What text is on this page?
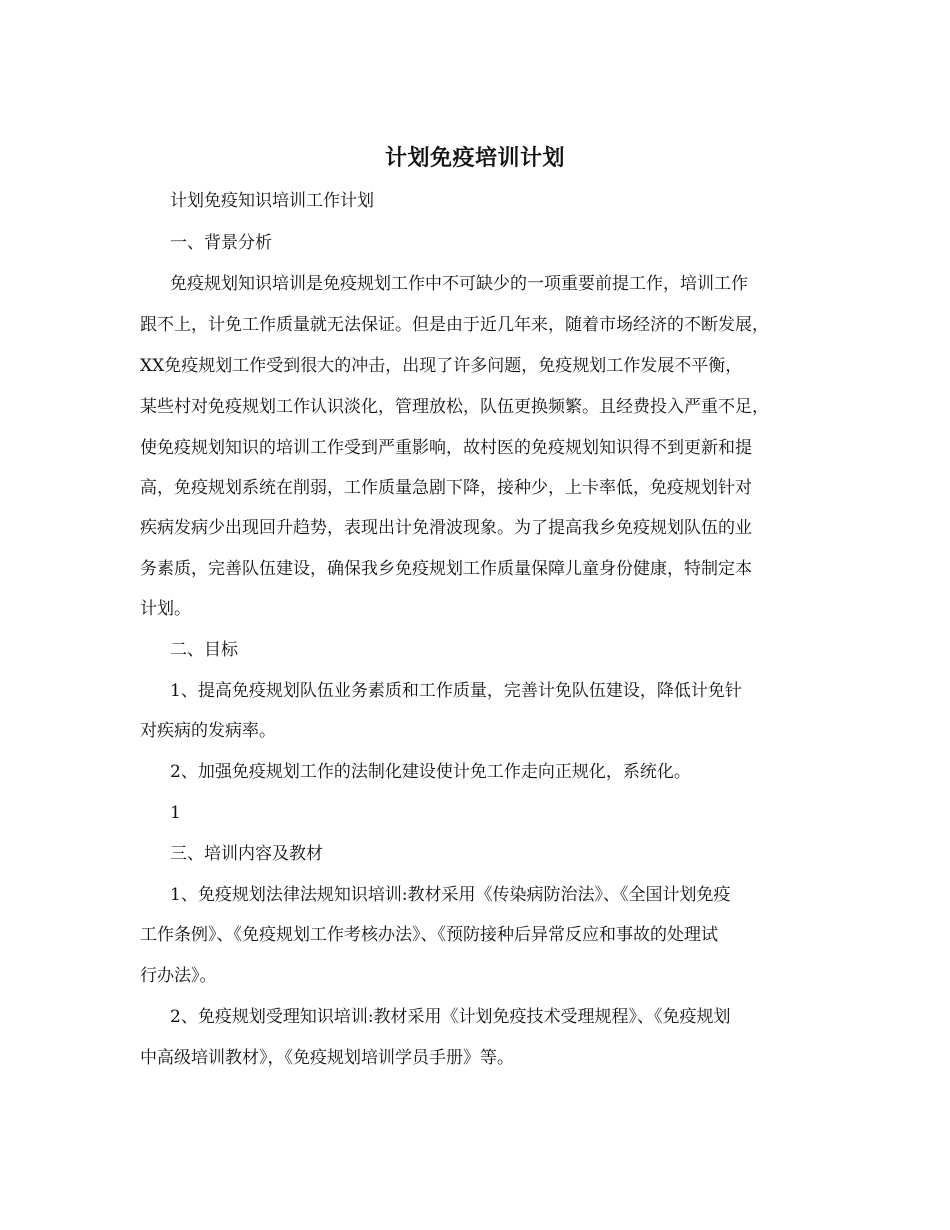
计划免疫培训计划
计划免疫知识培训工作计划
一、背景分析
免疫规划知识培训是免疫规划工作中不可缺少的一项重要前提工作，培训工作
跟不上，计免工作质量就无法保证。但是由于近几年来，随着市场经济的不断发展，
XX免疫规划工作受到很大的冲击，出现了许多问题，免疫规划工作发展不平衡，
某些村对免疫规划工作认识淡化，管理放松，队伍更换频繁。且经费投入严重不足，
使免疫规划知识的培训工作受到严重影响，故村医的免疫规划知识得不到更新和提
高，免疫规划系统在削弱，工作质量急剧下降，接种少，上卡率低，免疫规划针对
疾病发病少出现回升趋势，表现出计免滑波现象。为了提高我乡免疫规划队伍的业
务素质，完善队伍建设，确保我乡免疫规划工作质量保障儿童身份健康，特制定本
计划。
二、目标
1、提高免疫规划队伍业务素质和工作质量，完善计免队伍建设，降低计免针
对疾病的发病率。
2、加强免疫规划工作的法制化建设使计免工作走向正规化，系统化。
1
三、培训内容及教材
1、免疫规划法律法规知识培训:教材采用《传染病防治法》、《全国计划免疫
工作条例》、《免疫规划工作考核办法》、《预防接种后异常反应和事故的处理试
行办法》。
2、免疫规划受理知识培训:教材采用《计划免疫技术受理规程》、《免疫规划
中高级培训教材》，《免疫规划培训学员手册》等。
